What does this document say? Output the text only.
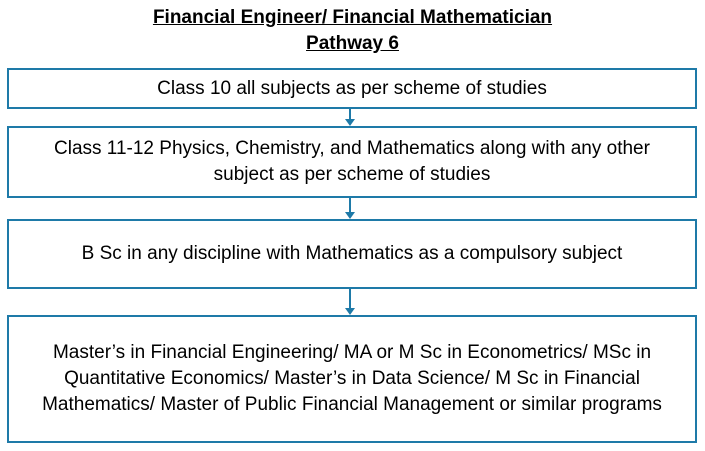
Financial Engineer/ Financial Mathematician
Pathway 6
Class 10 all subjects as per scheme of studies
Class 11-12 Physics, Chemistry, and Mathematics along with any other subject as per scheme of studies
B Sc in any discipline with Mathematics as a compulsory subject
Master’s in Financial Engineering/ MA or M Sc in Econometrics/ MSc in Quantitative Economics/ Master’s in Data Science/ M Sc in Financial Mathematics/ Master of Public Financial Management or similar programs
